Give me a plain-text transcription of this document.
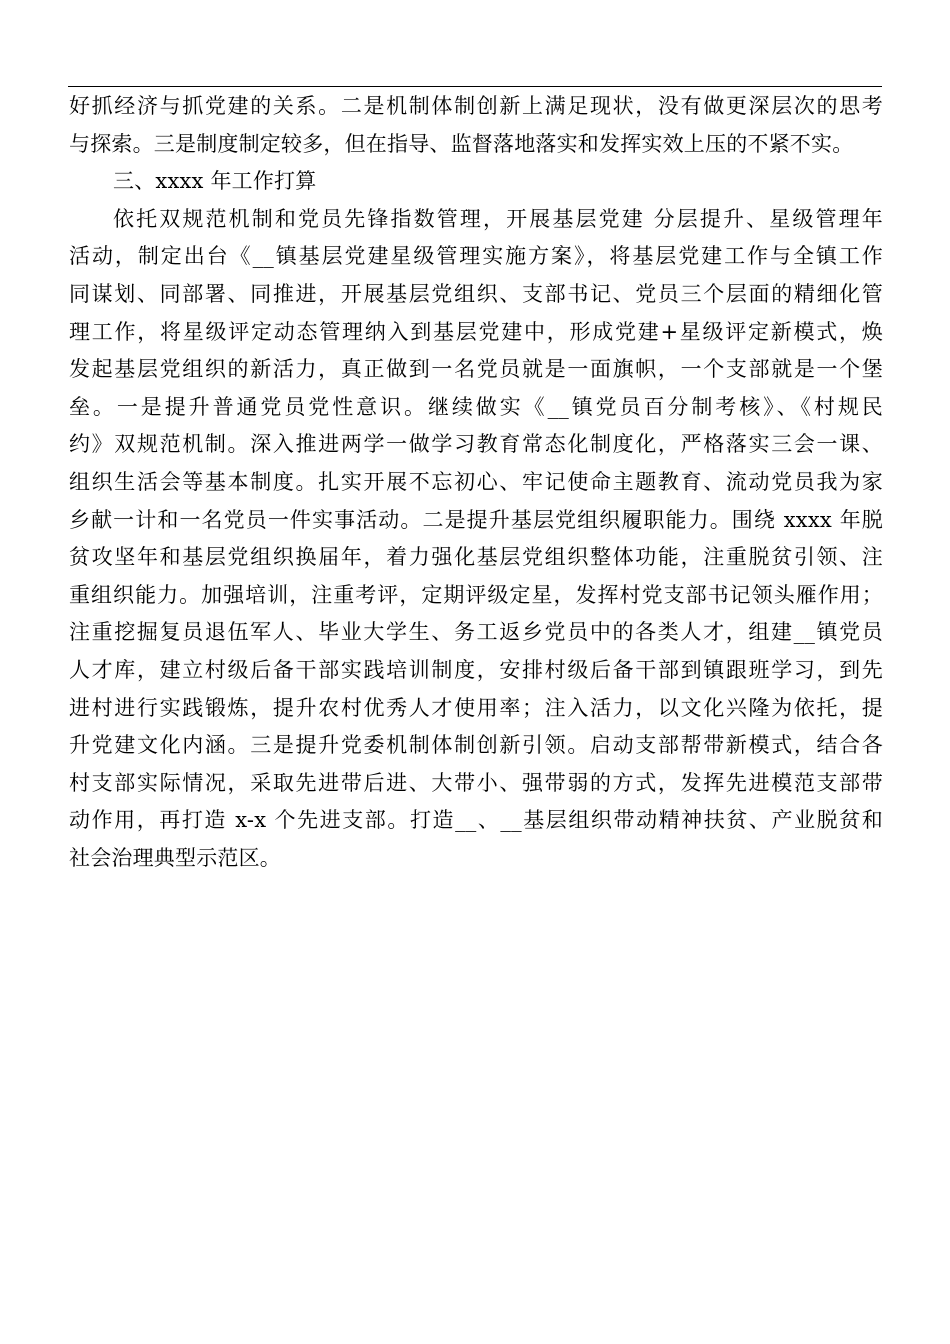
好抓经济与抓党建的关系。二是机制体制创新上满足现状，没有做更深层次的思考
与探索。三是制度制定较多，但在指导、监督落地落实和发挥实效上压的不紧不实。
三、xxxx 年工作打算
依托双规范机制和党员先锋指数管理，开展基层党建 分层提升、星级管理年
活动，制定出台《__镇基层党建星级管理实施方案》，将基层党建工作与全镇工作
同谋划、同部署、同推进，开展基层党组织、支部书记、党员三个层面的精细化管
理工作，将星级评定动态管理纳入到基层党建中，形成党建+星级评定新模式，焕
发起基层党组织的新活力，真正做到一名党员就是一面旗帜，一个支部就是一个堡
垒。一是提升普通党员党性意识。继续做实《__镇党员百分制考核》、《村规民
约》双规范机制。深入推进两学一做学习教育常态化制度化，严格落实三会一课、
组织生活会等基本制度。扎实开展不忘初心、牢记使命主题教育、流动党员我为家
乡献一计和一名党员一件实事活动。二是提升基层党组织履职能力。围绕 xxxx 年脱
贫攻坚年和基层党组织换届年，着力强化基层党组织整体功能，注重脱贫引领、注
重组织能力。加强培训，注重考评，定期评级定星，发挥村党支部书记领头雁作用；
注重挖掘复员退伍军人、毕业大学生、务工返乡党员中的各类人才，组建__镇党员
人才库，建立村级后备干部实践培训制度，安排村级后备干部到镇跟班学习，到先
进村进行实践锻炼，提升农村优秀人才使用率；注入活力，以文化兴隆为依托，提
升党建文化内涵。三是提升党委机制体制创新引领。启动支部帮带新模式，结合各
村支部实际情况，采取先进带后进、大带小、强带弱的方式，发挥先进模范支部带
动作用，再打造 x-x 个先进支部。打造__、__基层组织带动精神扶贫、产业脱贫和
社会治理典型示范区。
